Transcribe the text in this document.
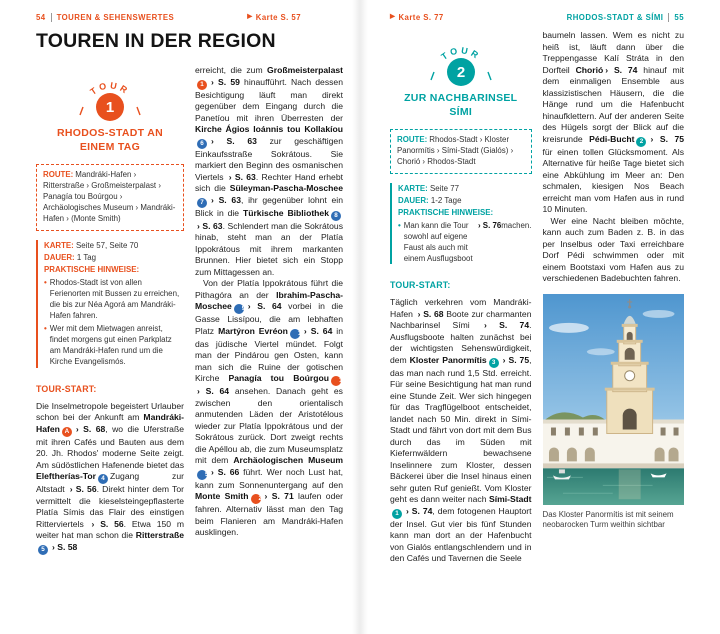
54 TOUREN & SEHENSWERTES	▶ Karte S. 57
TOUREN IN DER REGION
TOUR
1
RHODOS-STADT AN EINEM TAG
ROUTE: Mandráki-Hafen › Ritterstraße › Großmeisterpalast › Panagía tou Boúrgou › Archäologisches Museum › Mandráki-Hafen › (Monte Smith)
KARTE: Seite 57, Seite 70
DAUER: 1 Tag
PRAKTISCHE HINWEISE:
• Rhodos-Stadt ist von allen Ferienorten mit Bussen zu erreichen, die bis zur Néa Agorá am Mandráki-Hafen fahren.
• Wer mit dem Mietwagen anreist, findet morgens gut einen Parkplatz am Mandráki-Hafen rund um die Kirche Evangelismós.
TOUR-START:

Die Inselmetropole begeistert Urlauber schon bei der Ankunft am Mandráki-Hafen A › S. 68, wo die Uferstraße mit ihren Cafés und Bauten aus dem 20. Jh. Rhodos' moderne Seite zeigt. Am südöstlichen Hafenende bietet das Eleftherías-Tor 4 Zugang zur Altstadt › S. 56. Direkt hinter dem Tor vermittelt die kieselsteingepflasterte Platía Símis das Flair des einstigen Ritterviertels › S. 56. Etwa 150 m weiter hat man schon die Ritterstraße5 › S. 58

erreicht, die zum Großmeisterpalast1 › S. 59 hinaufführt. Nach dessen Besichtigung läuft man direkt gegenüber dem Eingang durch die Panetíou mit ihren Überresten der Kirche Ágios Ioánnis tou Kollakíou6 › S. 63 zur geschäftigen Einkaufsstraße Sokrátous. Sie markiert den Beginn des osmanischen Viertels › S. 63. Rechter Hand erhebt sich die Süleyman-Pascha-Moschee7 › S. 63, ihr gegenüber lohnt ein Blick in die Türkische Bibliothek 8› S. 63. Schlendert man die Sokrátous hinab, steht man an der Platía Ippokrátous mit ihrem markanten Brunnen. Hier bietet sich ein Stopp zum Mittagessen an.

Von der Platía Ippokrátous führt die Pithagóra an der Ibrahim-Pascha-Moschee 9 › S. 64 vorbei in die Gasse Lissípou, die am lebhaften Platz Martýron Evréon 10› S. 64 in das jüdische Viertel mündet. Folgt man der Pindárou gen Osten, kann man sich die Ruine der gotischen Kirche Panagía tou Boúrgou 1› S. 64 ansehen. Danach geht es zwischen den orientalisch anmutenden Läden der Aristotélous wieder zur Platía Ippokrátous und der Sokrátous zurück. Dort zweigt rechts die Apéllou ab, die zum Museumsplatz mit dem Archäologischen Museum5 › S. 66 führt. Wer noch Lust hat, kann zum Sonnenuntergang auf den Monte Smith 2 › S. 71 laufen oder fahren. Alternativ lässt man den Tag beim Flanieren am Mandráki-Hafen ausklingen.

▶ Karte S. 77	RHODOS-STADT & SÍMI 55
TOUR
2
ZUR NACHBARINSEL SÍMI
ROUTE: Rhodos-Stadt › Kloster Panormítis › Sími-Stadt (Gialós) › Chorió › Rhodos-Stadt
KARTE: Seite 77
DAUER: 1-2 Tage
PRAKTISCHE HINWEISE:
• Man kann die Tour sowohl auf eigene Faust als auch mit einem Ausflugsboot
› S. 76 machen.
TOUR-START:

Täglich verkehren vom Mandráki-Hafen › S. 68 Boote zur charmanten Nachbarinsel Sími › S. 74. Ausflugsboote halten zunächst bei der wichtigsten Sehenswürdigkeit, dem Kloster Panormítis 3 › S. 75, das man nach rund 1,5 Std. erreicht. Für seine Besichtigung hat man rund eine Stunde Zeit. Wer sich hingegen für das Tragflügelboot entscheidet, landet nach 50 Min. direkt in Sími-Stadt und fährt von dort mit dem Bus durch das im Süden mit Kiefernwäldern bewachsene Inselinnere zum Kloster, dessen Bäckerei über die Insel hinaus einen sehr guten Ruf genießt. Vom Kloster geht es dann weiter nach Sími-Stadt1 › S. 74, dem fotogenen Hauptort der Insel. Gut vier bis fünf Stunden kann man dort an der Hafenbucht von Gialós entlangschlendern und in den Cafés und Tavernen die Seele

baumeln lassen. Wem es nicht zu heiß ist, läuft dann über die Treppengasse Kalí Stráta in den Dorfteil Chorió › S. 74 hinauf mit dem einmaligen Ensemble aus klassizistischen Häusern, die die Hänge rund um die Hafenbucht hinaufklettern. Auf der anderen Seite des Hügels sorgt der Blick auf die kreisrunde Pédi-Bucht 2 › S. 75 für einen tollen Glücksmoment. Als Alternative für heiße Tage bietet sich eine Abkühlung im Meer an: Den schmalen, kiesigen Nos Beach erreicht man vom Hafen aus in rund 10 Minuten.

Wer eine Nacht bleiben möchte, kann auch zum Baden z. B. in das per Inselbus oder Taxi erreichbare Dorf Pédi schwimmen oder mit einem Bootstaxi vom Hafen aus zu verschiedenen Badebuchten fahren.

Das Kloster Panormítis ist mit seinem neobarocken Turm weithin sichtbar
